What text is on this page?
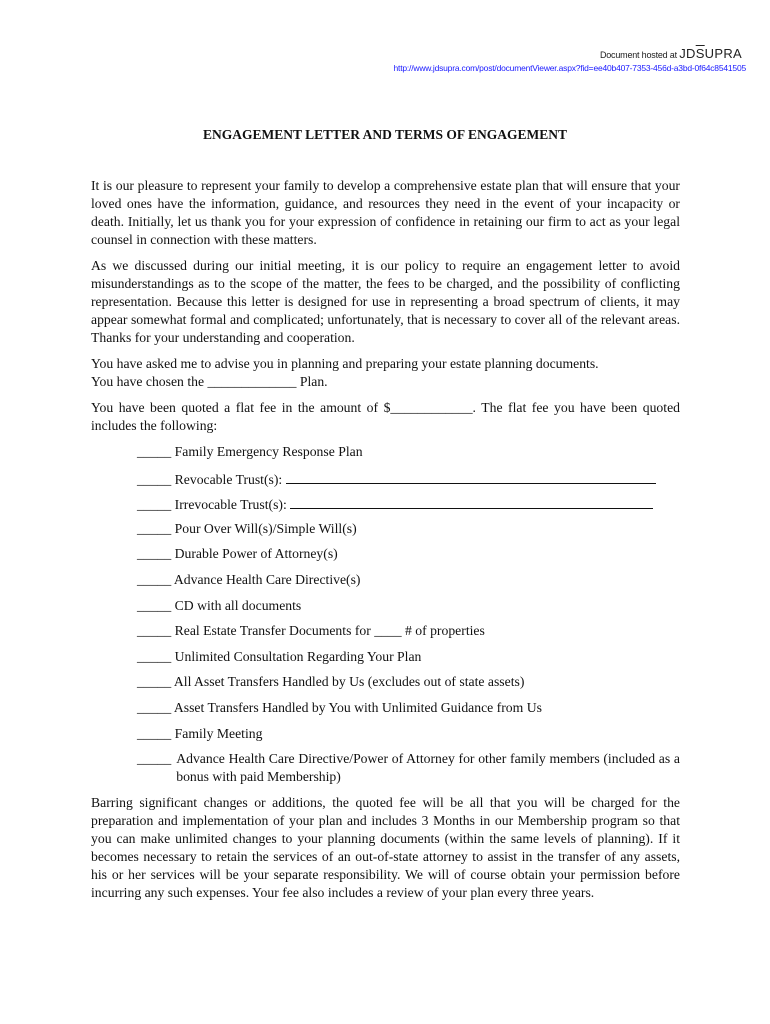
Document hosted at $JD\overline{S}UPRA$
http://www.jdsupra.com/post/documentViewer.aspx?fid=ee40b407-7353-456d-a3bd-0f64c8541505
ENGAGEMENT LETTER AND TERMS OF ENGAGEMENT

It is our pleasure to represent your family to develop a comprehensive estate plan that will ensure that your loved ones have the information, guidance, and resources they need in the event of your incapacity or death. Initially, let us thank you for your expression of confidence in retaining our firm to act as your legal counsel in connection with these matters.

As we discussed during our initial meeting, it is our policy to require an engagement letter to avoid misunderstandings as to the scope of the matter, the fees to be charged, and the possibility of conflicting representation. Because this letter is designed for use in representing a broad spectrum of clients, it may appear somewhat formal and complicated; unfortunately, that is necessary to cover all of the relevant areas. Thanks for your understanding and cooperation.

You have asked me to advise you in planning and preparing your estate planning documents.
You have chosen the _____________ Plan.

You have been quoted a flat fee in the amount of $____________. The flat fee you have been quoted includes the following:

_____ Family Emergency Response Plan
_____ Revocable Trust(s):
_____ Irrevocable Trust(s):
_____ Pour Over Will(s)/Simple Will(s)
_____ Durable Power of Attorney(s)
_____ Advance Health Care Directive(s)
_____ CD with all documents
_____ Real Estate Transfer Documents for ____ # of properties
_____ Unlimited Consultation Regarding Your Plan
_____ All Asset Transfers Handled by Us (excludes out of state assets)
_____ Asset Transfers Handled by You with Unlimited Guidance from Us
_____ Family Meeting
_____ Advance Health Care Directive/Power of Attorney for other family members (included as a bonus with paid Membership)

Barring significant changes or additions, the quoted fee will be all that you will be charged for the preparation and implementation of your plan and includes 3 Months in our Membership program so that you can make unlimited changes to your planning documents (within the same levels of planning). If it becomes necessary to retain the services of an out-of-state attorney to assist in the transfer of any assets, his or her services will be your separate responsibility. We will of course obtain your permission before incurring any such expenses. Your fee also includes a review of your plan every three years.
